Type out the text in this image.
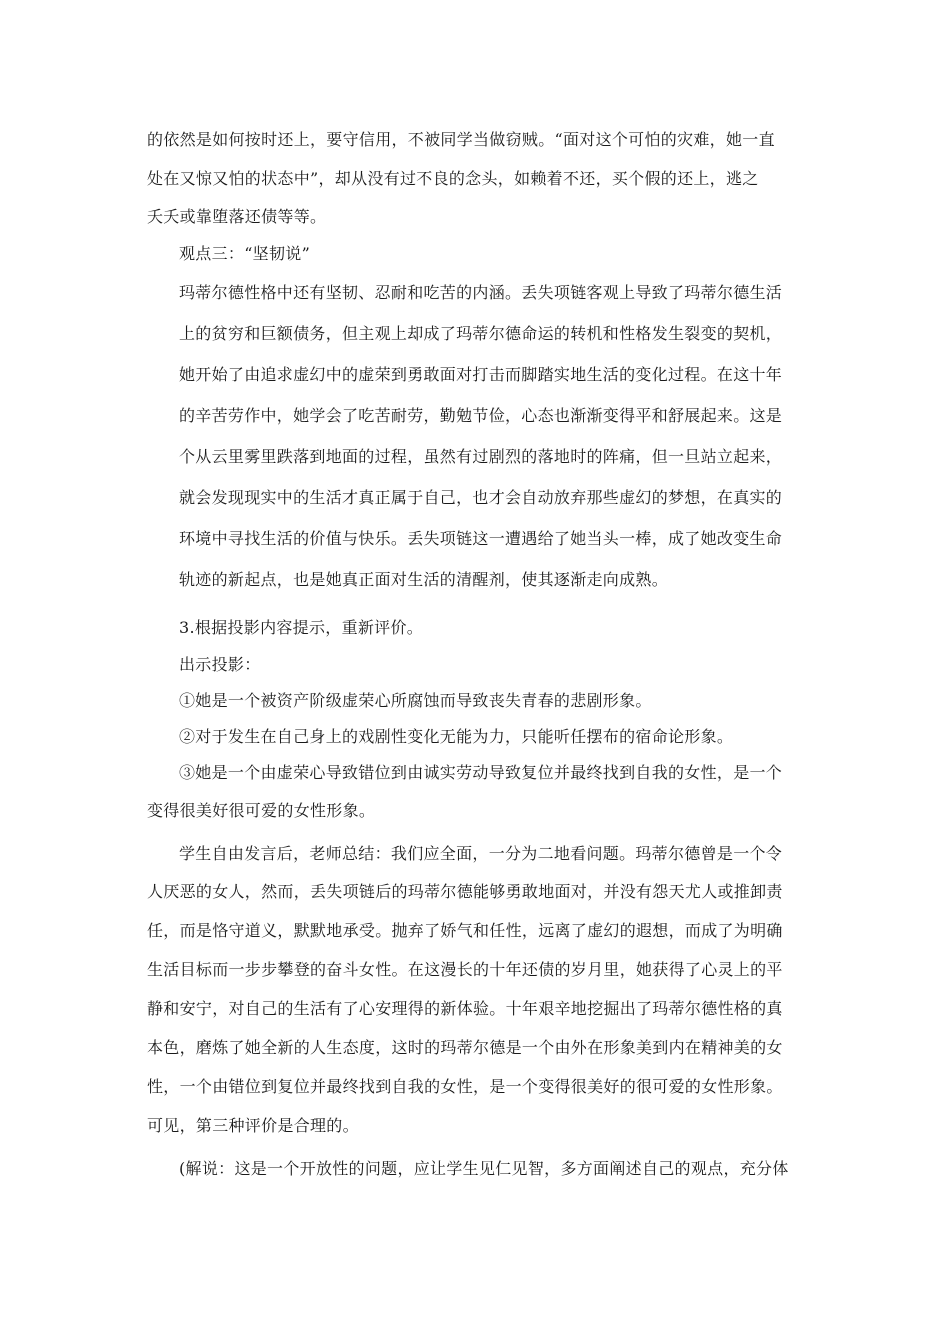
的依然是如何按时还上，要守信用，不被同学当做窃贼。“面对这个可怕的灾难，她一直
处在又惊又怕的状态中”，却从没有过不良的念头，如赖着不还，买个假的还上，逃之
夭夭或靠堕落还债等等。
观点三：“坚韧说”
玛蒂尔德性格中还有坚韧、忍耐和吃苦的内涵。丢失项链客观上导致了玛蒂尔德生活
上的贫穷和巨额债务，但主观上却成了玛蒂尔德命运的转机和性格发生裂变的契机，
她开始了由追求虚幻中的虚荣到勇敢面对打击而脚踏实地生活的变化过程。在这十年
的辛苦劳作中，她学会了吃苦耐劳，勤勉节俭，心态也渐渐变得平和舒展起来。这是
个从云里雾里跌落到地面的过程，虽然有过剧烈的落地时的阵痛，但一旦站立起来，
就会发现现实中的生活才真正属于自己，也才会自动放弃那些虚幻的梦想，在真实的
环境中寻找生活的价值与快乐。丢失项链这一遭遇给了她当头一棒，成了她改变生命
轨迹的新起点，也是她真正面对生活的清醒剂，使其逐渐走向成熟。
3.根据投影内容提示，重新评价。
出示投影：
①她是一个被资产阶级虚荣心所腐蚀而导致丧失青春的悲剧形象。
②对于发生在自己身上的戏剧性变化无能为力，只能听任摆布的宿命论形象。
③她是一个由虚荣心导致错位到由诚实劳动导致复位并最终找到自我的女性，是一个
变得很美好很可爱的女性形象。
学生自由发言后，老师总结：我们应全面，一分为二地看问题。玛蒂尔德曾是一个令
人厌恶的女人，然而，丢失项链后的玛蒂尔德能够勇敢地面对，并没有怨天尤人或推卸责
任，而是恪守道义，默默地承受。抛弃了娇气和任性，远离了虚幻的遐想，而成了为明确
生活目标而一步步攀登的奋斗女性。在这漫长的十年还债的岁月里，她获得了心灵上的平
静和安宁，对自己的生活有了心安理得的新体验。十年艰辛地挖掘出了玛蒂尔德性格的真
本色，磨炼了她全新的人生态度，这时的玛蒂尔德是一个由外在形象美到内在精神美的女
性，一个由错位到复位并最终找到自我的女性，是一个变得很美好的很可爱的女性形象。
可见，第三种评价是合理的。
(解说：这是一个开放性的问题，应让学生见仁见智，多方面阐述自己的观点，充分体
